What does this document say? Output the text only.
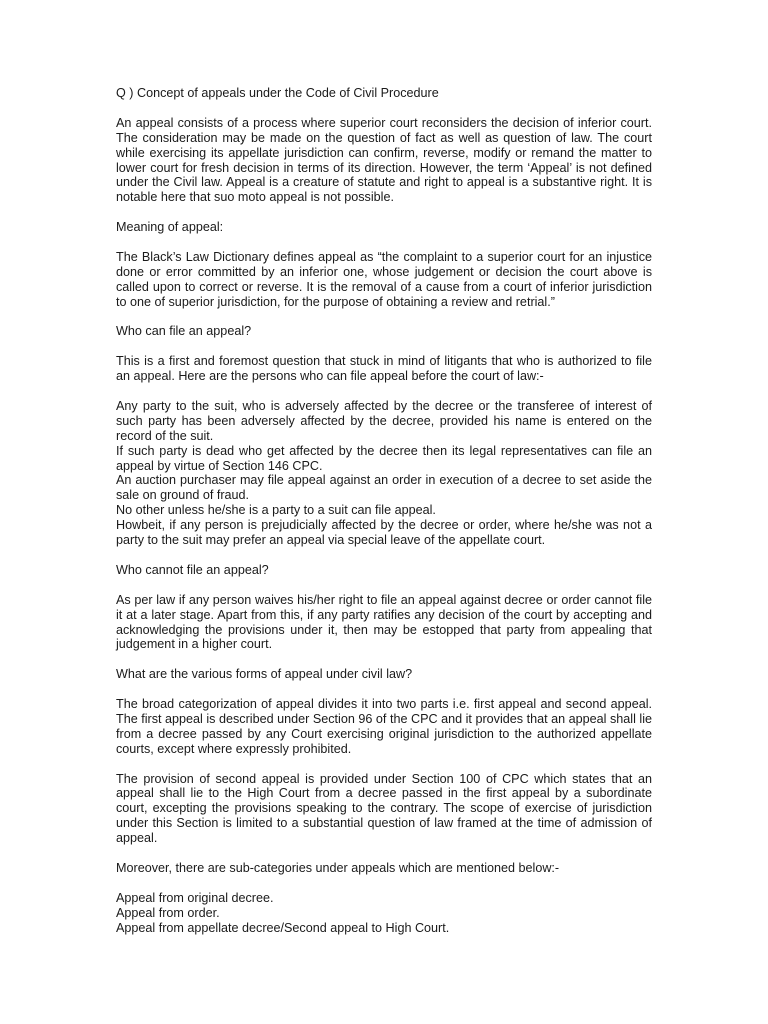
Q ) Concept of appeals under the Code of Civil Procedure

An appeal consists of a process where superior court reconsiders the decision of inferior court. The consideration may be made on the question of fact as well as question of law. The court while exercising its appellate jurisdiction can confirm, reverse, modify or remand the matter to lower court for fresh decision in terms of its direction. However, the term ‘Appeal’ is not defined under the Civil law. Appeal is a creature of statute and right to appeal is a substantive right. It is notable here that suo moto appeal is not possible.

Meaning of appeal:

The Black’s Law Dictionary defines appeal as “the complaint to a superior court for an injustice done or error committed by an inferior one, whose judgement or decision the court above is called upon to correct or reverse. It is the removal of a cause from a court of inferior jurisdiction to one of superior jurisdiction, for the purpose of obtaining a review and retrial.”

Who can file an appeal?

This is a first and foremost question that stuck in mind of litigants that who is authorized to file an appeal. Here are the persons who can file appeal before the court of law:-

Any party to the suit, who is adversely affected by the decree or the transferee of interest of such party has been adversely affected by the decree, provided his name is entered on the record of the suit.

If such party is dead who get affected by the decree then its legal representatives can file an appeal by virtue of Section 146 CPC.

An auction purchaser may file appeal against an order in execution of a decree to set aside the sale on ground of fraud.

No other unless he/she is a party to a suit can file appeal.

Howbeit, if any person is prejudicially affected by the decree or order, where he/she was not a party to the suit may prefer an appeal via special leave of the appellate court.

Who cannot file an appeal?

As per law if any person waives his/her right to file an appeal against decree or order cannot file it at a later stage. Apart from this, if any party ratifies any decision of the court by accepting and acknowledging the provisions under it, then may be estopped that party from appealing that judgement in a higher court.

What are the various forms of appeal under civil law?

The broad categorization of appeal divides it into two parts i.e. first appeal and second appeal. The first appeal is described under Section 96 of the CPC and it provides that an appeal shall lie from a decree passed by any Court exercising original jurisdiction to the authorized appellate courts, except where expressly prohibited.

The provision of second appeal is provided under Section 100 of CPC which states that an appeal shall lie to the High Court from a decree passed in the first appeal by a subordinate court, excepting the provisions speaking to the contrary. The scope of exercise of jurisdiction under this Section is limited to a substantial question of law framed at the time of admission of appeal.

Moreover, there are sub-categories under appeals which are mentioned below:-

Appeal from original decree.

Appeal from order.

Appeal from appellate decree/Second appeal to High Court.
